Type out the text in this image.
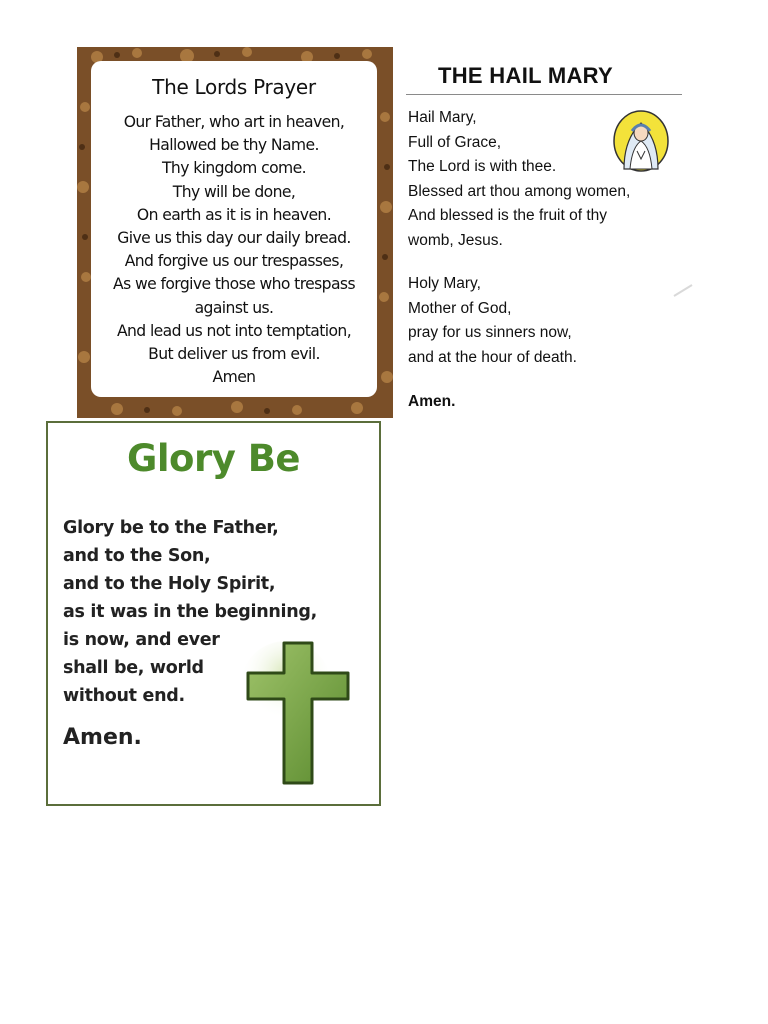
The Lords Prayer
Our Father, who art in heaven,
Hallowed be thy Name.
Thy kingdom come.
Thy will be done,
On earth as it is in heaven.
Give us this day our daily bread.
And forgive us our trespasses,
As we forgive those who trespass
against us.
And lead us not into temptation,
But deliver us from evil.
Amen
THE HAIL MARY
Hail Mary,
Full of Grace,
The Lord is with thee.
Blessed art thou among women,
And blessed is the fruit of thy
womb, Jesus.
Holy Mary,
Mother of God,
pray for us sinners now,
and at the hour of death.
Amen.
Glory Be
Glory be to the Father,
and to the Son,
and to the Holy Spirit,
as it was in the beginning,
is now, and ever
shall be, world
without end.
Amen.
